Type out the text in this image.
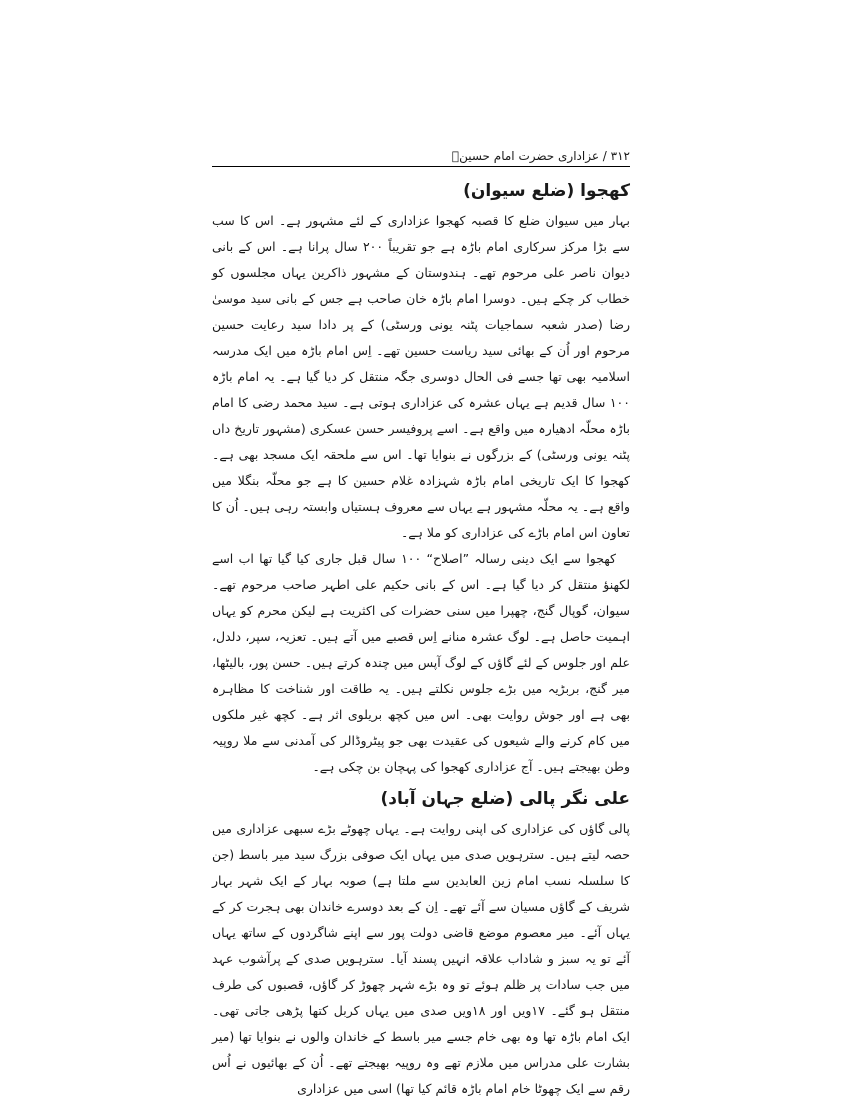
۳۱۲ / عزاداری حضرت امام حسینؑ
کھجوا (ضلع سیوان)

بہار میں سیوان ضلع کا قصبہ کھجوا عزاداری کے لئے مشہور ہے۔ اس کا سب سے بڑا مرکز سرکاری امام باڑہ ہے جو تقریباً ۲۰۰ سال پرانا ہے۔ اس کے بانی دیوان ناصر علی مرحوم تھے۔ ہندوستان کے مشہور ذاکرین یہاں مجلسوں کو خطاب کر چکے ہیں۔ دوسرا امام باڑہ خان صاحب ہے جس کے بانی سید موسیٰ رضا (صدر شعبہ سماجیات پٹنہ یونی ورسٹی) کے پر دادا سید رعایت حسین مرحوم اور اُن کے بھائی سید ریاست حسین تھے۔ اِس امام باڑہ میں ایک مدرسہ اسلامیہ بھی تھا جسے فی الحال دوسری جگہ منتقل کر دیا گیا ہے۔ یہ امام باڑہ ۱۰۰ سال قدیم ہے یہاں عشرہ کی عزاداری ہوتی ہے۔ سید محمد رضی کا امام باڑہ محلّہ ادھیارہ میں واقع ہے۔ اسے پروفیسر حسن عسکری (مشہور تاریخ داں پٹنہ یونی ورسٹی) کے بزرگوں نے بنوایا تھا۔ اس سے ملحقہ ایک مسجد بھی ہے۔ کھجوا کا ایک تاریخی امام باڑہ شہزادہ غلام حسین کا ہے جو محلّہ بنگلا میں واقع ہے۔ یہ محلّہ مشہور ہے یہاں سے معروف ہستیاں وابستہ رہی ہیں۔ اُن کا تعاون اس امام باڑے کی عزاداری کو ملا ہے۔

کھجوا سے ایک دینی رسالہ ”اصلاح“ ۱۰۰ سال قبل جاری کیا گیا تھا اب اسے لکھنؤ منتقل کر دیا گیا ہے۔ اس کے بانی حکیم علی اطہر صاحب مرحوم تھے۔ سیوان، گوپال گنج، چھپرا میں سنی حضرات کی اکثریت ہے لیکن محرم کو یہاں اہمیت حاصل ہے۔ لوگ عشرہ منانے اِس قصبے میں آتے ہیں۔ تعزیہ، سپر، دلدل، علم اور جلوس کے لئے گاؤں کے لوگ آپس میں چندہ کرتے ہیں۔ حسن پور، بالیٹھا، میر گنج، بربڑیہ میں بڑے جلوس نکلتے ہیں۔ یہ طاقت اور شناخت کا مظاہرہ بھی ہے اور جوش روایت بھی۔ اس میں کچھ بریلوی اثر ہے۔ کچھ غیر ملکوں میں کام کرنے والے شیعوں کی عقیدت بھی جو پیٹروڈالر کی آمدنی سے ملا روپیہ وطن بھیجتے ہیں۔ آج عزاداری کھجوا کی پہچان بن چکی ہے۔

علی نگر پالی (ضلع جہان آباد)

پالی گاؤں کی عزاداری کی اپنی روایت ہے۔ یہاں چھوٹے بڑے سبھی عزاداری میں حصہ لیتے ہیں۔ سترہویں صدی میں یہاں ایک صوفی بزرگ سید میر باسط (جن کا سلسلہ نسب امام زین العابدین سے ملتا ہے) صوبہ بہار کے ایک شہر بہار شریف کے گاؤں مسیان سے آئے تھے۔ اِن کے بعد دوسرے خاندان بھی ہجرت کر کے یہاں آئے۔ میر معصوم موضع قاضی دولت پور سے اپنے شاگردوں کے ساتھ یہاں آئے تو یہ سبز و شاداب علاقہ انہیں پسند آیا۔ سترہویں صدی کے پرآشوب عہد میں جب سادات پر ظلم ہوئے تو وہ بڑے شہر چھوڑ کر گاؤں، قصبوں کی طرف منتقل ہو گئے۔ ۱۷ویں اور ۱۸ویں صدی میں یہاں کربل کتھا پڑھی جاتی تھی۔ ایک امام باڑہ تھا وہ بھی خام جسے میر باسط کے خاندان والوں نے بنوایا تھا (میر بشارت علی مدراس میں ملازم تھے وہ روپیہ بھیجتے تھے۔ اُن کے بھائیوں نے اُس رقم سے ایک چھوٹا خام امام باڑہ قائم کیا تھا) اسی میں عزاداری
